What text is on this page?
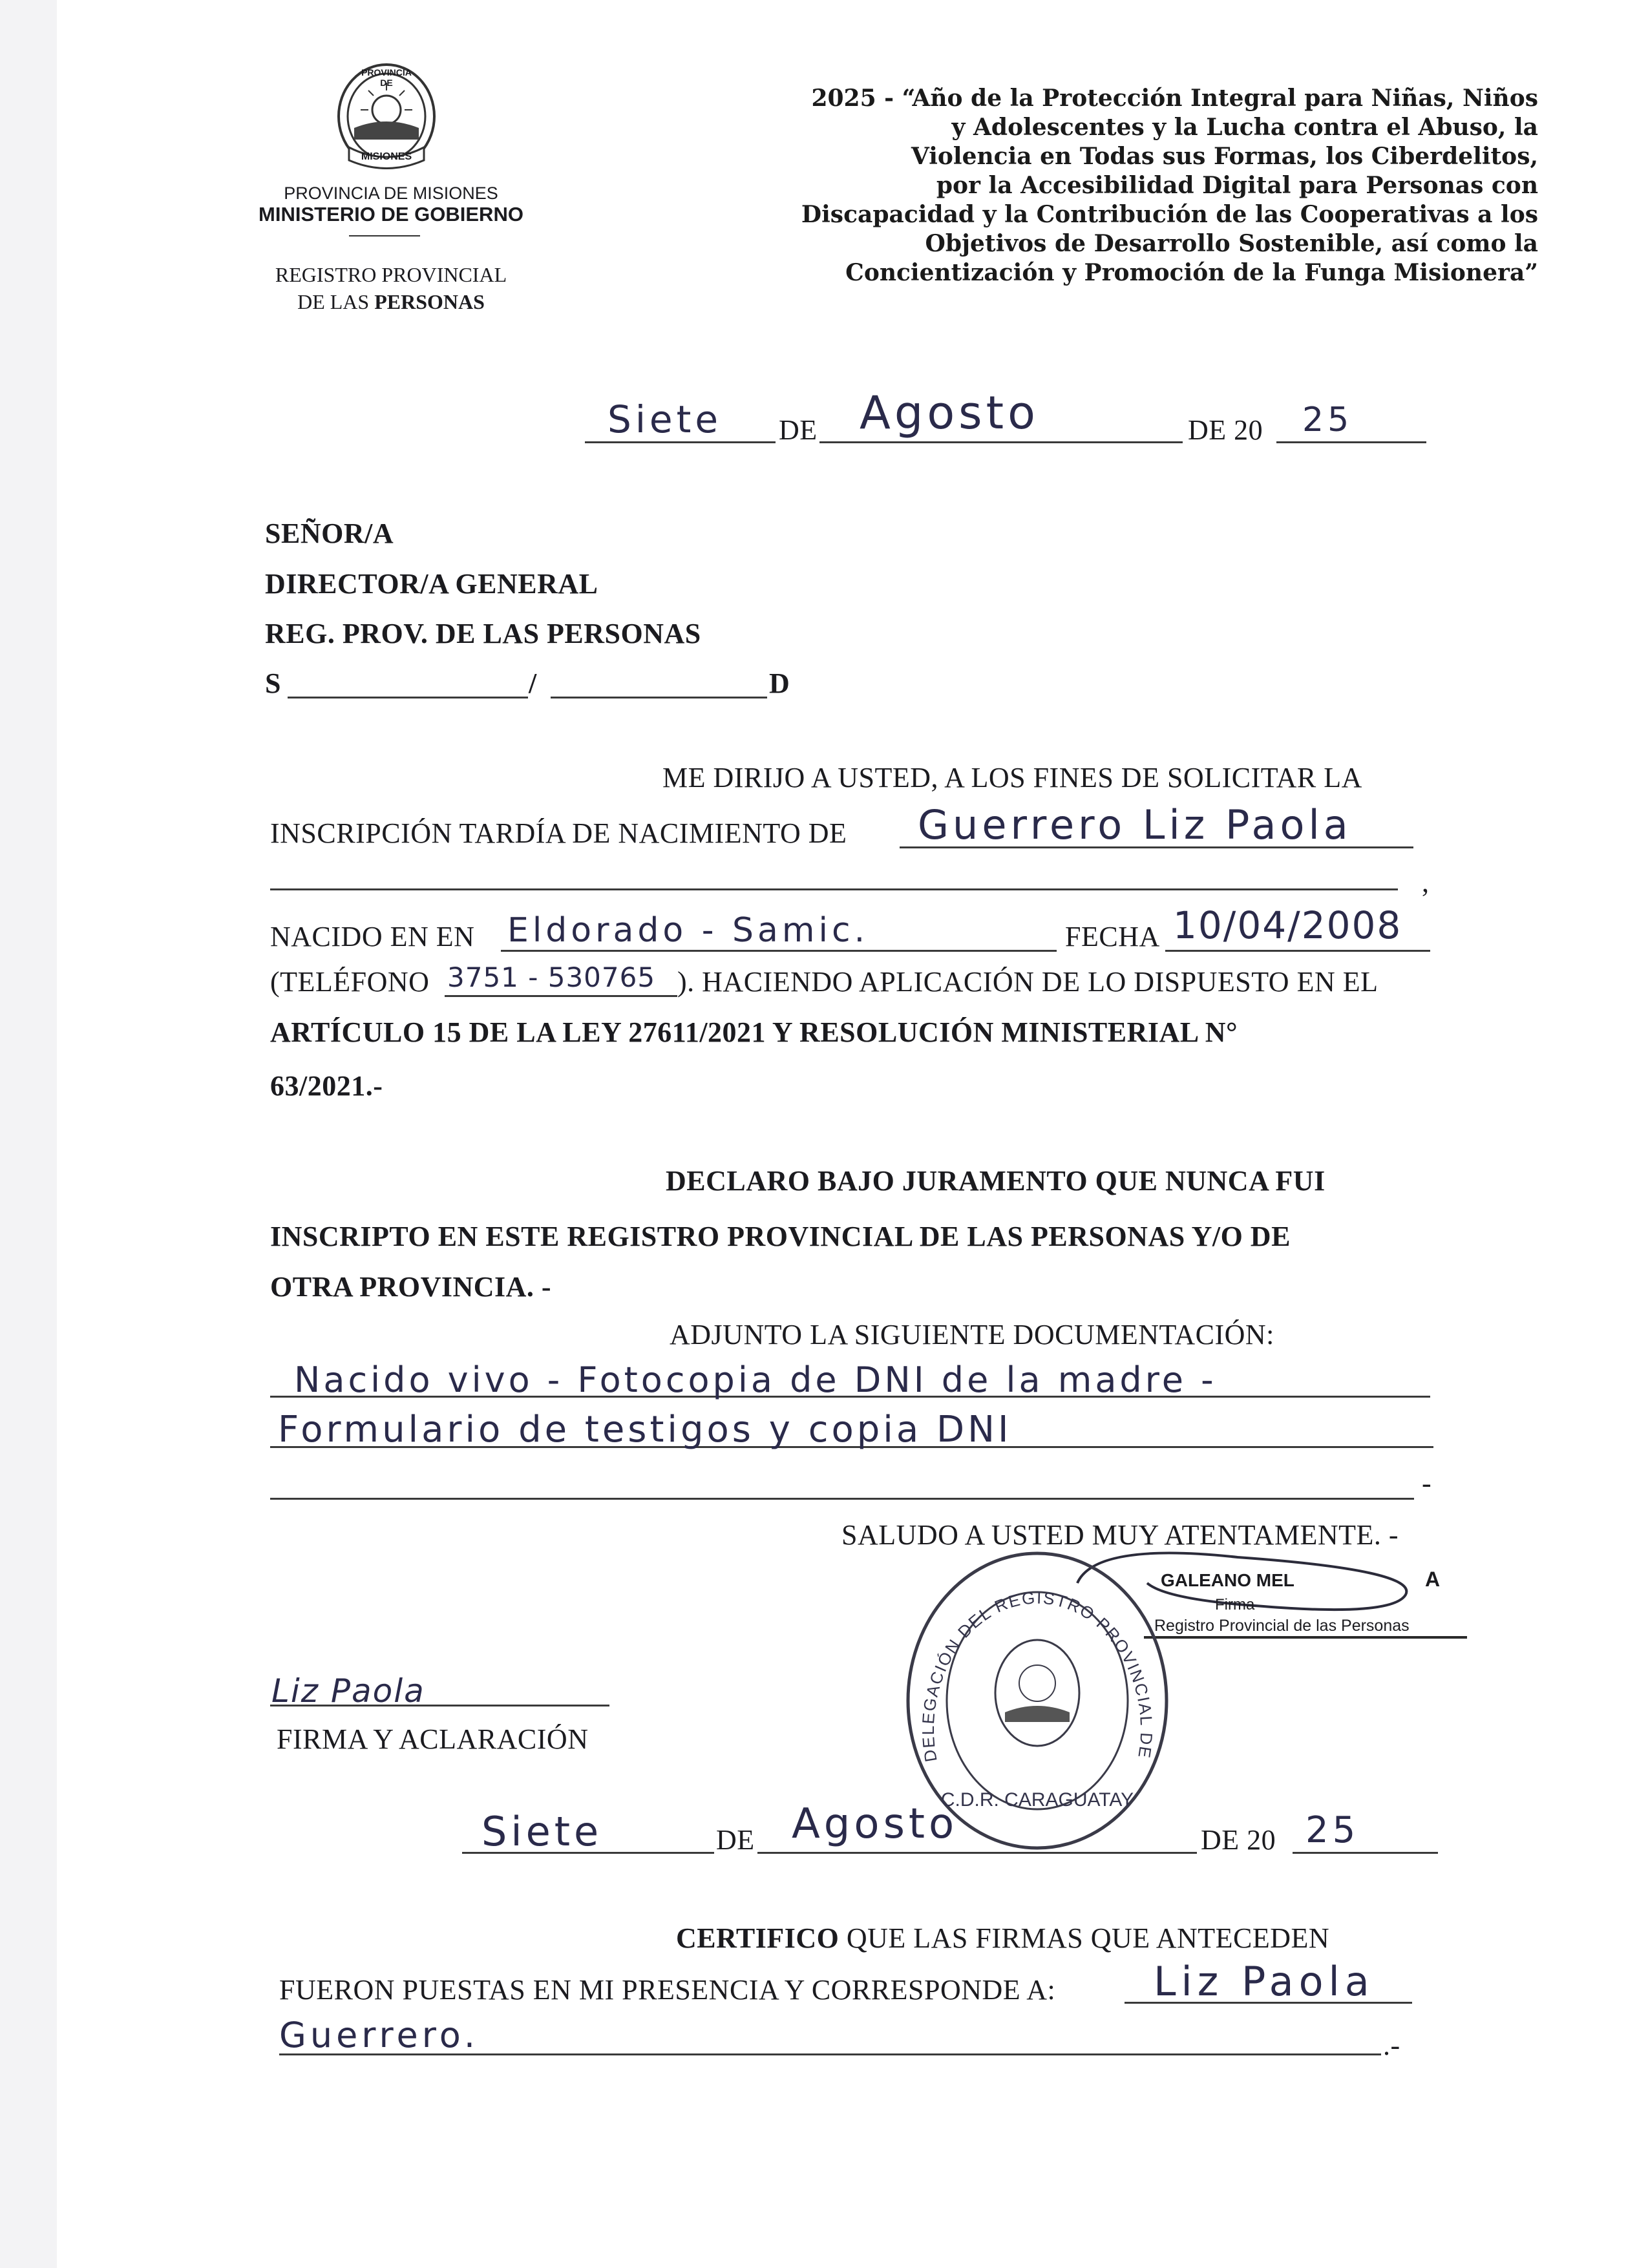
PROVINCIA DE
MISIONES
PROVINCIA DE MISIONES
MINISTERIO DE GOBIERNO
REGISTRO PROVINCIAL
DE LAS PERSONAS
2025 - “Año de la Protección Integral para Niñas, Niños
y Adolescentes y la Lucha contra el Abuso, la
Violencia en Todas sus Formas, los Ciberdelitos,
por la Accesibilidad Digital para Personas con
Discapacidad y la Contribución de las Cooperativas a los
Objetivos de Desarrollo Sostenible, así como la
Concientización y Promoción de la Funga Misionera”
Siete DE Agosto	DE 20 25
SEÑOR/A
DIRECTOR/A GENERAL
REG. PROV. DE LAS PERSONAS
S	/	D
ME DIRIJO A USTED, A LOS FINES DE SOLICITAR LA
INSCRIPCIÓN TARDÍA DE NACIMIENTO DE Guerrero Liz Paola
,
NACIDO EN EN Eldorado - Samic.	FECHA 10/04/2008
(TELÉFONO 3751 - 530765 ). HACIENDO APLICACIÓN DE LO DISPUESTO EN EL
ARTÍCULO 15 DE LA LEY 27611/2021 Y RESOLUCIÓN MINISTERIAL N°
63/2021.-
DECLARO BAJO JURAMENTO QUE NUNCA FUI
INSCRIPTO EN ESTE REGISTRO PROVINCIAL DE LAS PERSONAS Y/O DE
OTRA PROVINCIA. -
ADJUNTO LA SIGUIENTE DOCUMENTACIÓN:
Nacido vivo - Fotocopia de DNI de la madre -
Formulario de testigos y copia DNI
-
SALUDO A USTED MUY ATENTAMENTE. -
GALEANO MEL	A
Firma
Registro Provincial de las Personas
DELEGACIÓN DEL REGISTRO PROVINCIAL DE
C.D.R. CARAGUATAY
Liz Paola
FIRMA Y ACLARACIÓN
Siete	DE Agosto	DE 20 25
CERTIFICO QUE LAS FIRMAS QUE ANTECEDEN
FUERON PUESTAS EN MI PRESENCIA Y CORRESPONDE A: Liz Paola
Guerrero.	.-
